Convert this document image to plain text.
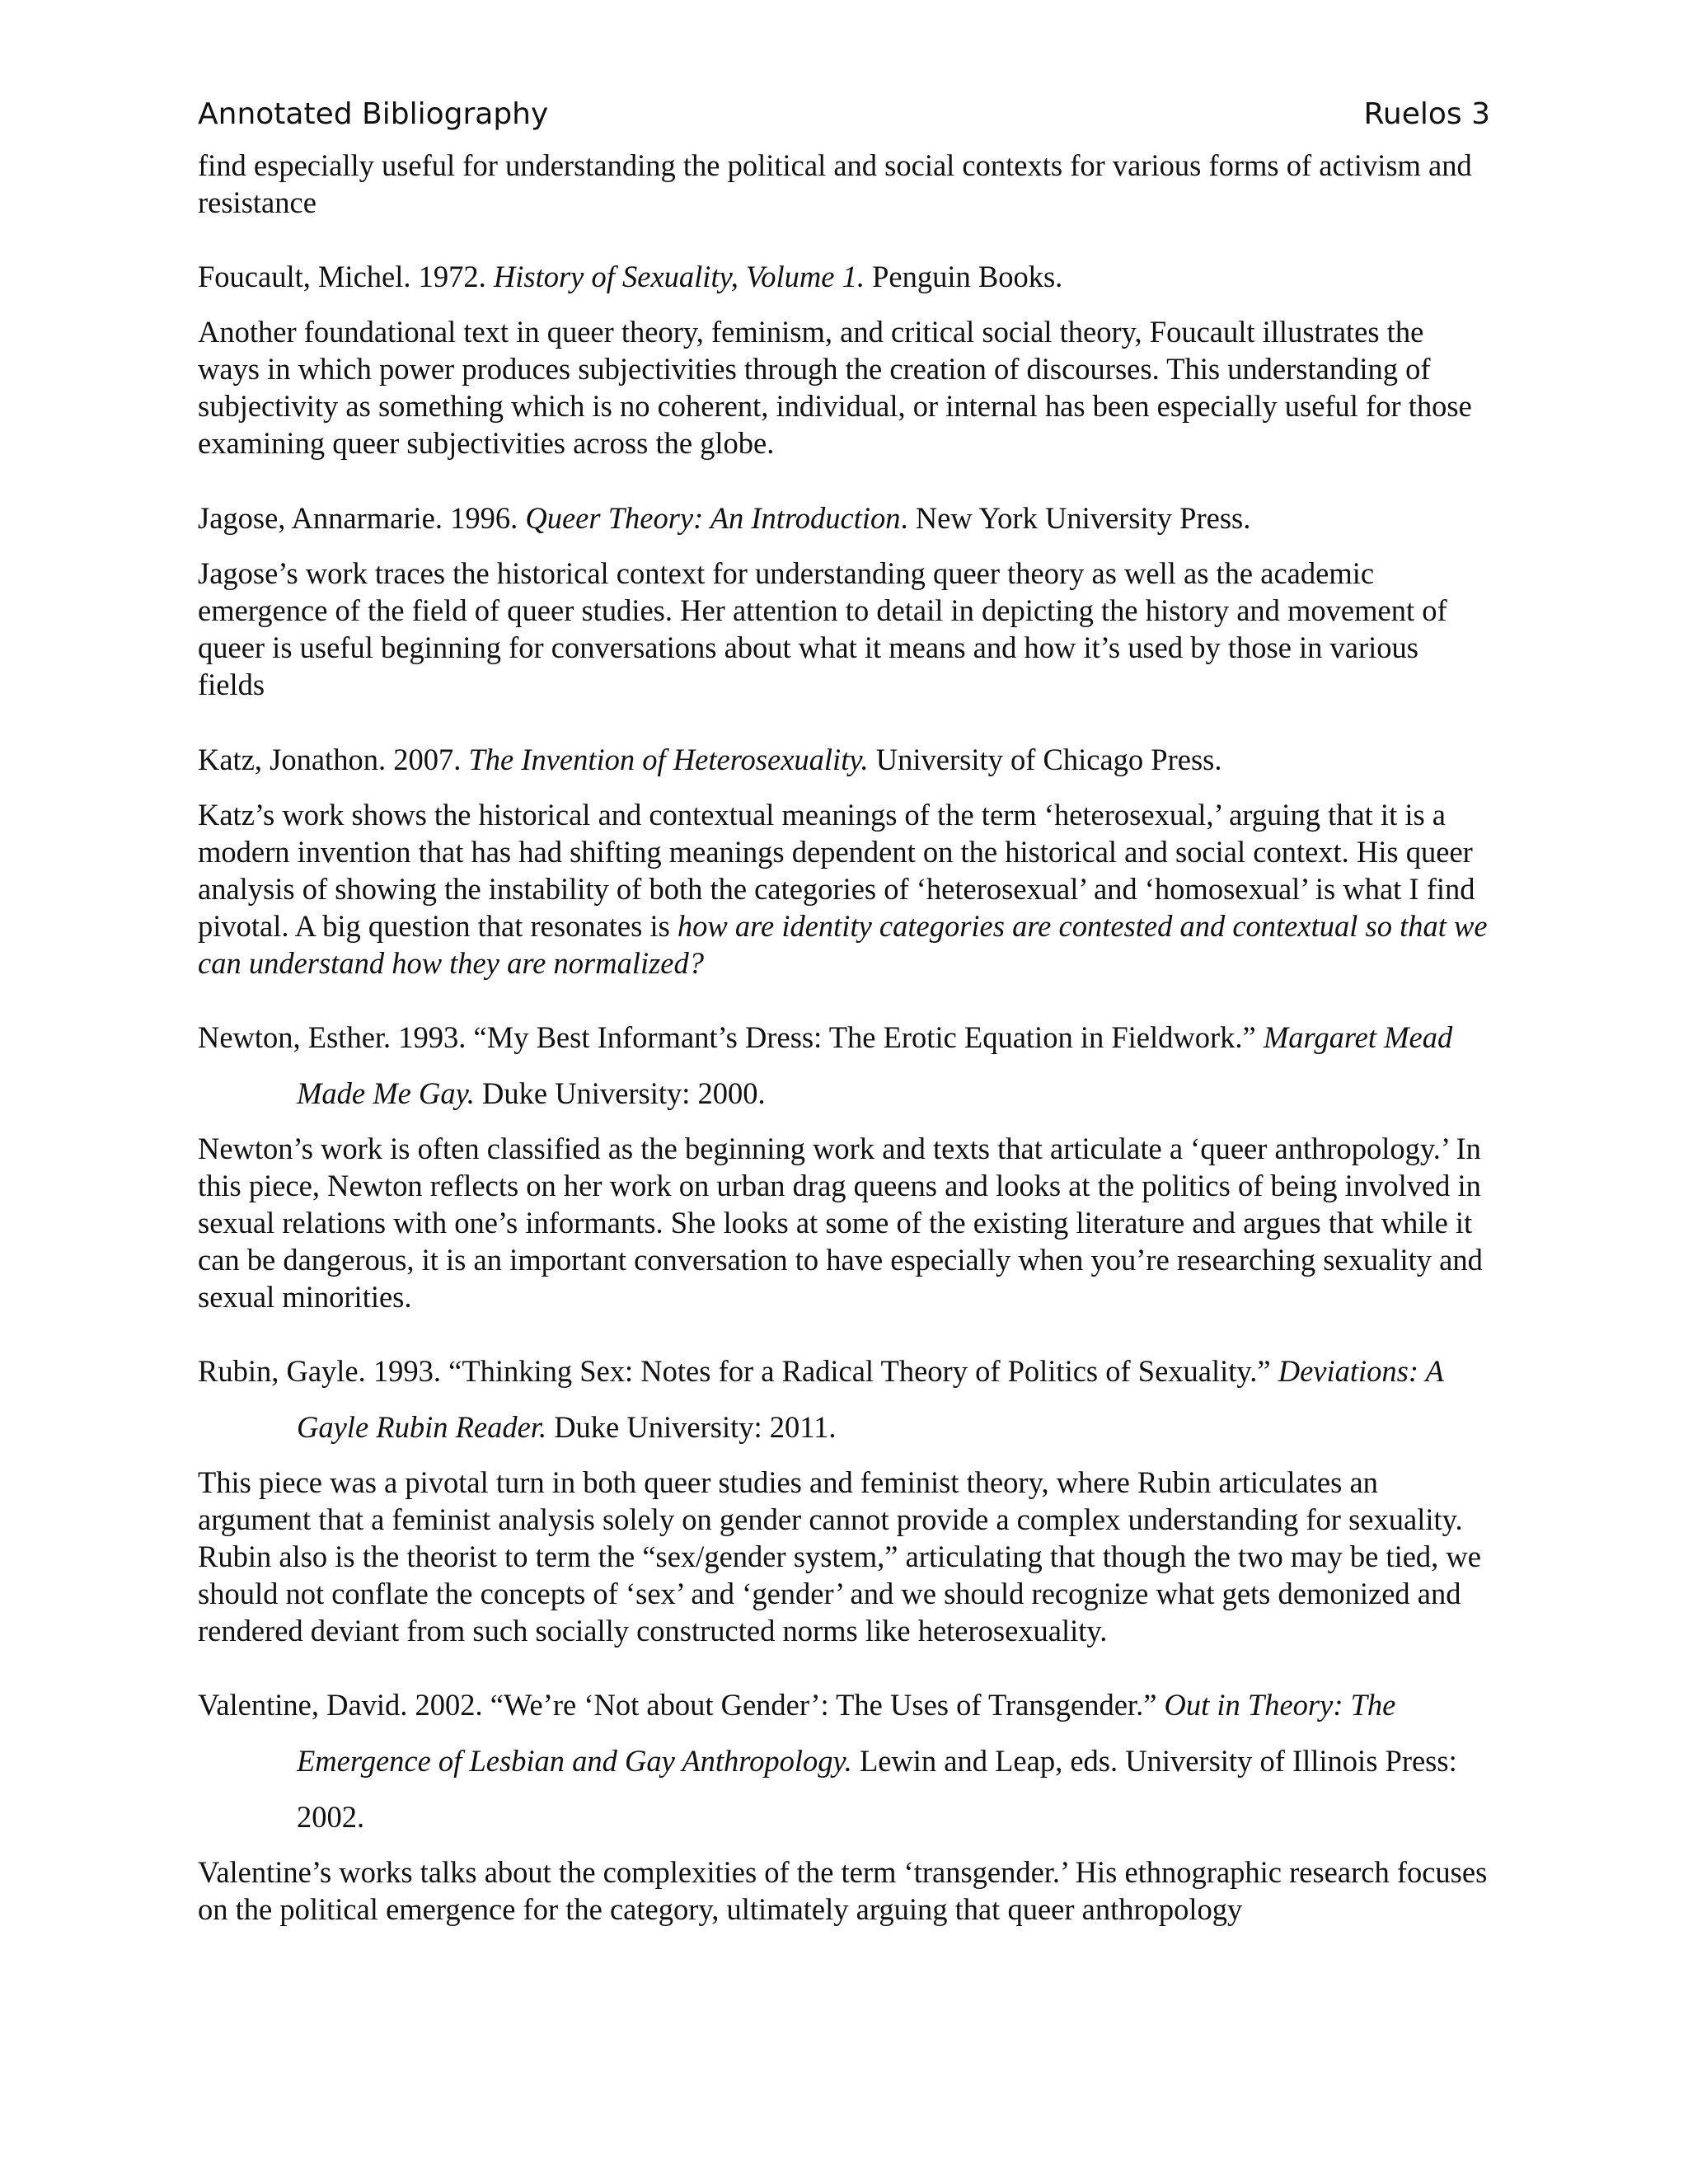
Annotated Bibliography	Ruelos 3

find especially useful for understanding the political and social contexts for various forms of activism and resistance

Foucault, Michel. 1972. History of Sexuality, Volume 1. Penguin Books.

Another foundational text in queer theory, feminism, and critical social theory, Foucault illustrates the ways in which power produces subjectivities through the creation of discourses. This understanding of subjectivity as something which is no coherent, individual, or internal has been especially useful for those examining queer subjectivities across the globe.

Jagose, Annarmarie. 1996. Queer Theory: An Introduction. New York University Press.

Jagose’s work traces the historical context for understanding queer theory as well as the academic emergence of the field of queer studies. Her attention to detail in depicting the history and movement of queer is useful beginning for conversations about what it means and how it’s used by those in various fields

Katz, Jonathon. 2007. The Invention of Heterosexuality. University of Chicago Press.

Katz’s work shows the historical and contextual meanings of the term ‘heterosexual,’ arguing that it is a modern invention that has had shifting meanings dependent on the historical and social context. His queer analysis of showing the instability of both the categories of ‘heterosexual’ and ‘homosexual’ is what I find pivotal. A big question that resonates is how are identity categories are contested and contextual so that we can understand how they are normalized?

Newton, Esther. 1993. “My Best Informant’s Dress: The Erotic Equation in Fieldwork.” Margaret Mead Made Me Gay. Duke University: 2000.

Newton’s work is often classified as the beginning work and texts that articulate a ‘queer anthropology.’ In this piece, Newton reflects on her work on urban drag queens and looks at the politics of being involved in sexual relations with one’s informants. She looks at some of the existing literature and argues that while it can be dangerous, it is an important conversation to have especially when you’re researching sexuality and sexual minorities.

Rubin, Gayle. 1993. “Thinking Sex: Notes for a Radical Theory of Politics of Sexuality.” Deviations: A Gayle Rubin Reader. Duke University: 2011.

This piece was a pivotal turn in both queer studies and feminist theory, where Rubin articulates an argument that a feminist analysis solely on gender cannot provide a complex understanding for sexuality. Rubin also is the theorist to term the “sex/gender system,” articulating that though the two may be tied, we should not conflate the concepts of ‘sex’ and ‘gender’ and we should recognize what gets demonized and rendered deviant from such socially constructed norms like heterosexuality.

Valentine, David. 2002. “We’re ‘Not about Gender’: The Uses of Transgender.” Out in Theory: The Emergence of Lesbian and Gay Anthropology. Lewin and Leap, eds. University of Illinois Press: 2002.

Valentine’s works talks about the complexities of the term ‘transgender.’ His ethnographic research focuses on the political emergence for the category, ultimately arguing that queer anthropology
